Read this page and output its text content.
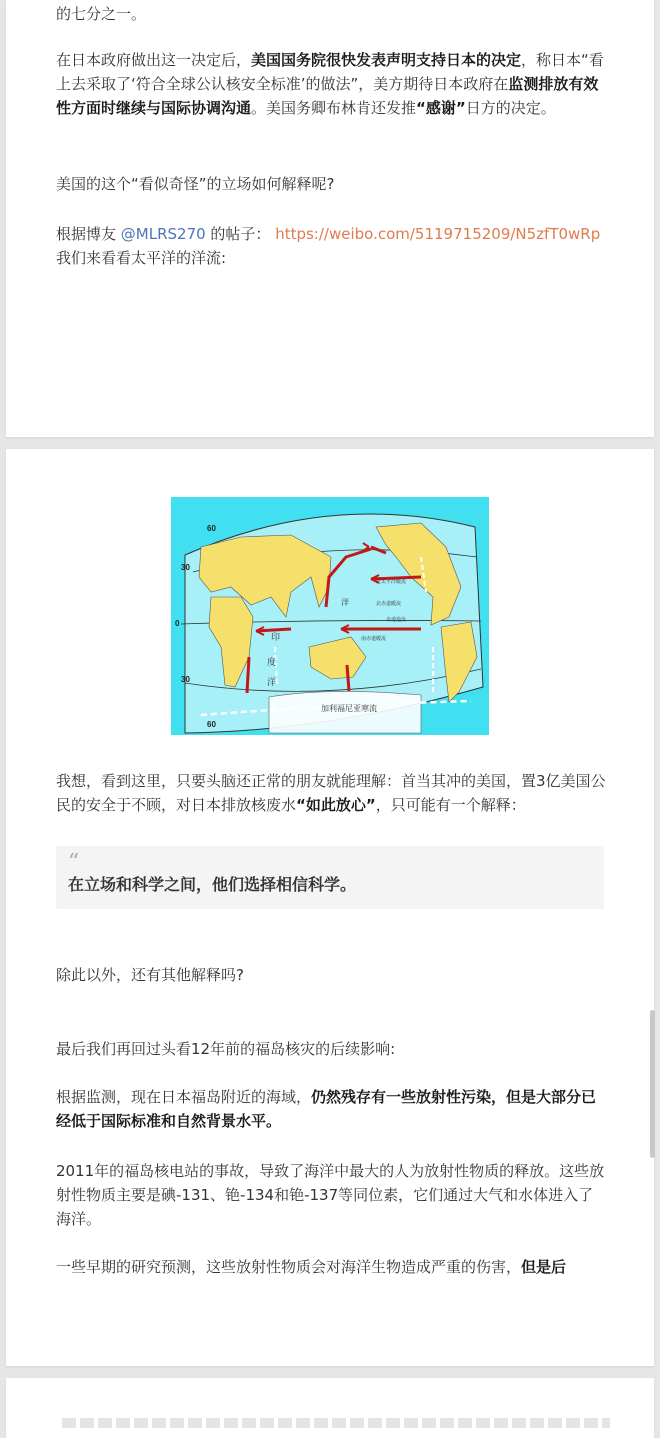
的七分之一。

在日本政府做出这一决定后，美国国务院很快发表声明支持日本的决定，称日本“看上去采取了‘符合全球公认核安全标准’的做法”，美方期待日本政府在监测排放有效性方面时继续与国际协调沟通。美国务卿布林肯还发推“感谢”日方的决定。

美国的这个“看似奇怪”的立场如何解释呢?

根据博友 @MLRS270 的帖子： https://weibo.com/5119715209/N5zfT0wRp 我们来看看太平洋的洋流:

60
30
0
30
60
印
度
洋
北太平洋暖流
北赤道暖流
赤道逆流
南赤道暖流
加利福尼亚寒流
洋

我想，看到这里，只要头脑还正常的朋友就能理解：首当其冲的美国，置3亿美国公民的安全于不顾，对日本排放核废水“如此放心”，只可能有一个解释：

“

在立场和科学之间，他们选择相信科学。

除此以外，还有其他解释吗?

最后我们再回过头看12年前的福岛核灾的后续影响:

根据监测，现在日本福岛附近的海域，仍然残存有一些放射性污染，但是大部分已经低于国际标准和自然背景水平。

2011年的福岛核电站的事故，导致了海洋中最大的人为放射性物质的释放。这些放射性物质主要是碘-131、铯-134和铯-137等同位素，它们通过大气和水体进入了海洋。

一些早期的研究预测，这些放射性物质会对海洋生物造成严重的伤害，但是后
